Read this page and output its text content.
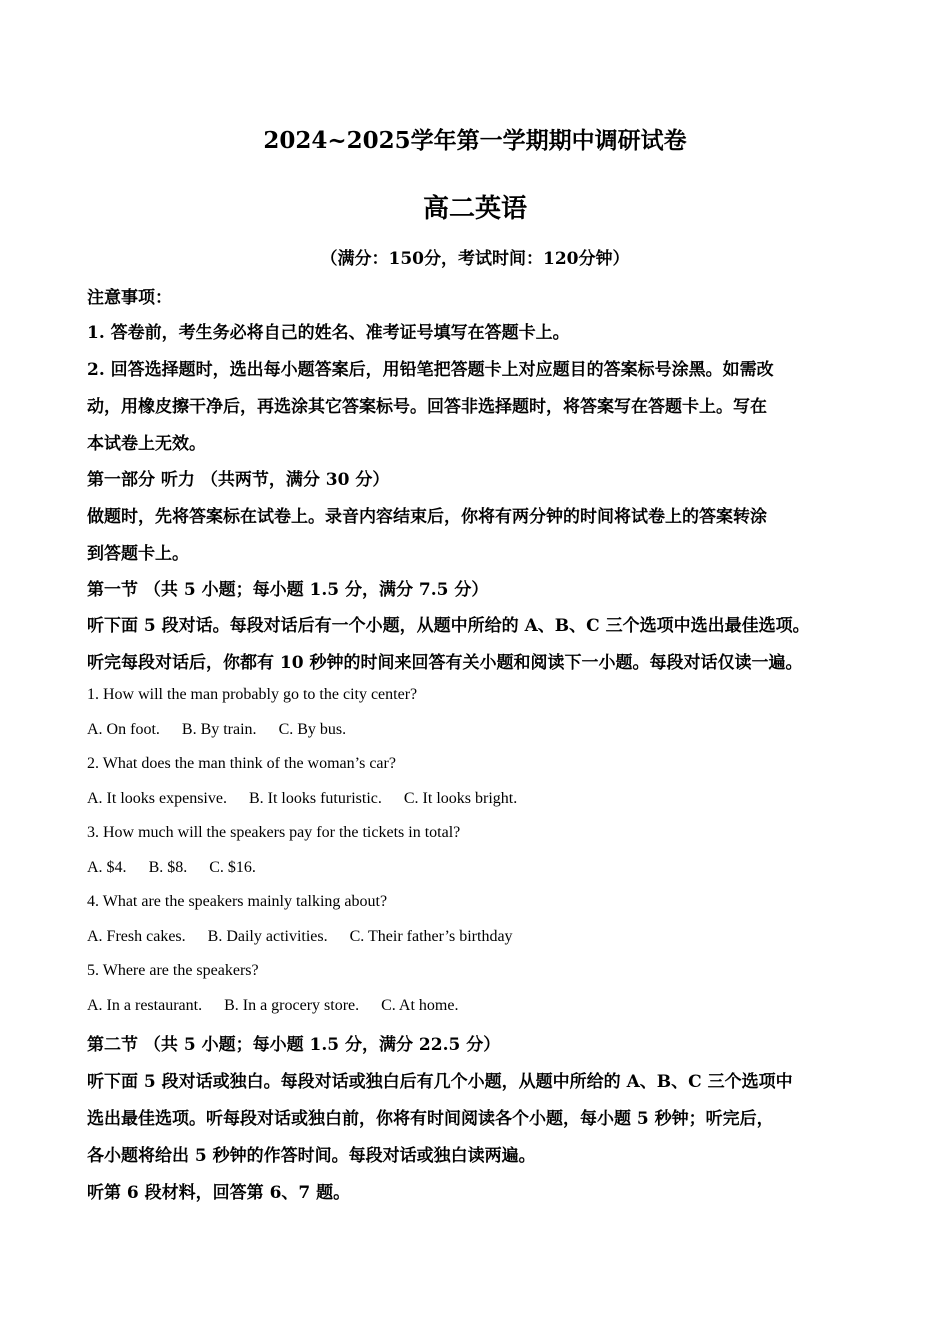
2024~2025学年第一学期期中调研试卷
高二英语
（满分：150分，考试时间：120分钟）
注意事项：
1. 答卷前，考生务必将自己的姓名、准考证号填写在答题卡上。
2. 回答选择题时，选出每小题答案后，用铅笔把答题卡上对应题目的答案标号涂黑。如需改
动，用橡皮擦干净后，再选涂其它答案标号。回答非选择题时，将答案写在答题卡上。写在
本试卷上无效。
第一部分 听力 （共两节，满分 30 分）
做题时，先将答案标在试卷上。录音内容结束后，你将有两分钟的时间将试卷上的答案转涂
到答题卡上。
第一节 （共 5 小题；每小题 1.5 分，满分 7.5 分）
听下面 5 段对话。每段对话后有一个小题，从题中所给的 A、B、C 三个选项中选出最佳选项。
听完每段对话后，你都有 10 秒钟的时间来回答有关小题和阅读下一小题。每段对话仅读一遍。
1. How will the man probably go to the city center?
A. On foot. B. By train. C. By bus.
2. What does the man think of the woman’s car?
A. It looks expensive. B. It looks futuristic. C. It looks bright.
3. How much will the speakers pay for the tickets in total?
A. $4. B. $8. C. $16.
4. What are the speakers mainly talking about?
A. Fresh cakes. B. Daily activities. C. Their father’s birthday
5. Where are the speakers?
A. In a restaurant. B. In a grocery store. C. At home.
第二节 （共 5 小题；每小题 1.5 分，满分 22.5 分）
听下面 5 段对话或独白。每段对话或独白后有几个小题，从题中所给的 A、B、C 三个选项中
选出最佳选项。听每段对话或独白前，你将有时间阅读各个小题，每小题 5 秒钟；听完后，
各小题将给出 5 秒钟的作答时间。每段对话或独白读两遍。
听第 6 段材料，回答第 6、7 题。
